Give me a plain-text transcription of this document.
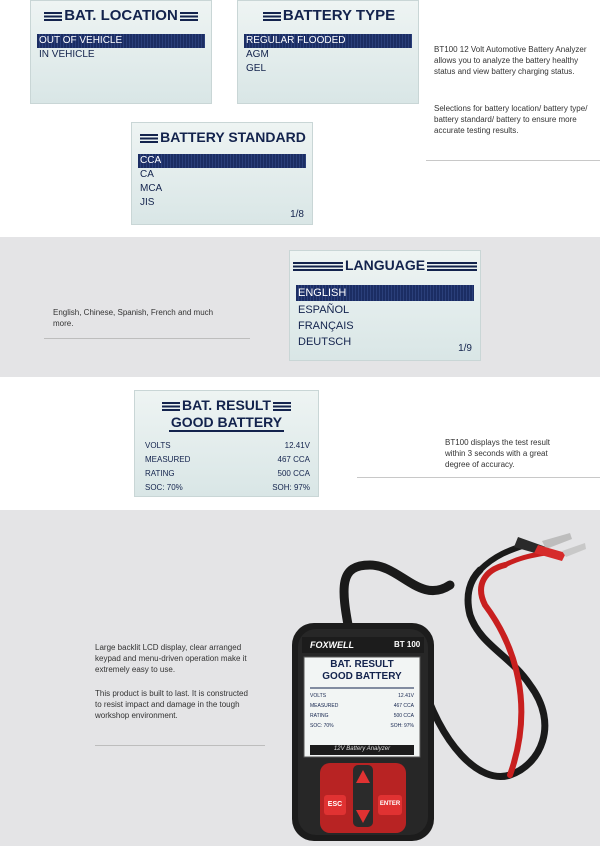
BAT. LOCATION
OUT OF VEHICLE
IN VEHICLE
BATTERY TYPE
REGULAR FLOODED
AGM
GEL
BT100 12 Volt Automotive Battery Analyzer allows you to analyze the battery healthy status and view battery charging status.
Selections for battery location/ battery type/ battery standard/ battery to ensure more accurate testing results.
BATTERY STANDARD
CCA
CA
MCA
JIS
1/8
English, Chinese, Spanish, French and much more.
LANGUAGE
ENGLISH
ESPAÑOL
FRANÇAIS
DEUTSCH
1/9
BAT. RESULT
GOOD BATTERY
VOLTS	12.41V
MEASURED	467 CCA
RATING	500 CCA
SOC: 70%	SOH: 97%
BT100 displays the test result within 3 seconds with a great degree of accuracy.
Large backlit LCD display, clear arranged keypad and menu-driven operation make it extremely easy to use.
This product is built to last. It is constructed to resist impact and damage in the tough workshop environment.
FOXWELL	BT 100
BAT. RESULT
GOOD BATTERY
VOLTS	12.41V
MEASURED	467 CCA
RATING	500 CCA
SOC: 70%	SOH: 97%
12V Battery Analyzer
ESC	ENTER
